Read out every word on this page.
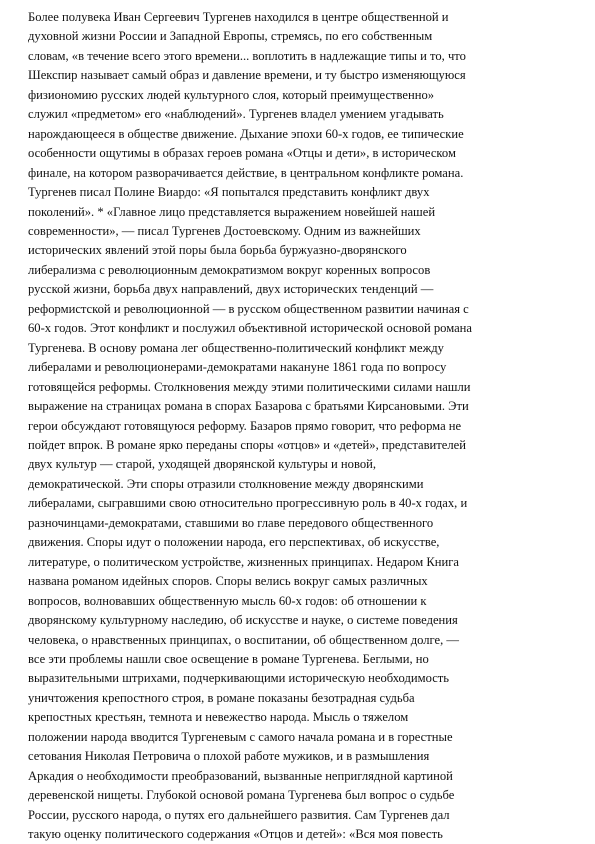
Более полувека Иван Сергеевич Тургенев находился в центре общественной и
духовной жизни России и Западной Европы, стремясь, по его собственным
словам, «в течение всего этого времени... воплотить в надлежащие типы и то, что
Шекспир называет самый образ и давление времени, и ту быстро изменяющуюся
физиономию русских людей культурного слоя, который преимущественно»
служил «предметом» его «наблюдений». Тургенев владел умением угадывать
нарождающееся в обществе движение. Дыхание эпохи 60-х годов, ее типические
особенности ощутимы в образах героев романа «Отцы и дети», в историческом
финале, на котором разворачивается действие, в центральном конфликте романа.
Тургенев писал Полине Виардо: «Я попытался представить конфликт двух
поколений». * «Главное лицо представляется выражением новейшей нашей
современности», — писал Тургенев Достоевскому. Одним из важнейших
исторических явлений этой поры была борьба буржуазно-дворянского
либерализма с революционным демократизмом вокруг коренных вопросов
русской жизни, борьба двух направлений, двух исторических тенденций —
реформистской и революционной — в русском общественном развитии начиная с
60-х годов. Этот конфликт и послужил объективной исторической основой романа
Тургенева. В основу романа лег общественно-политический конфликт между
либералами и революционерами-демократами накануне 1861 года по вопросу
готовящейся реформы. Столкновения между этими политическими силами нашли
выражение на страницах романа в спорах Базарова с братьями Кирсановыми. Эти
герои обсуждают готовящуюся реформу. Базаров прямо говорит, что реформа не
пойдет впрок. В романе ярко переданы споры «отцов» и «детей», представителей
двух культур — старой, уходящей дворянской культуры и новой,
демократической. Эти споры отразили столкновение между дворянскими
либералами, сыгравшими свою относительно прогрессивную роль в 40-х годах, и
разночинцами-демократами, ставшими во главе передового общественного
движения. Споры идут о положении народа, его перспективах, об искусстве,
литературе, о политическом устройстве, жизненных принципах. Недаром Книга
названа романом идейных споров. Споры велись вокруг самых различных
вопросов, волновавших общественную мысль 60-х годов: об отношении к
дворянскому культурному наследию, об искусстве и науке, о системе поведения
человека, о нравственных принципах, о воспитании, об общественном долге, —
все эти проблемы нашли свое освещение в романе Тургенева. Беглыми, но
выразительными штрихами, подчеркивающими историческую необходимость
уничтожения крепостного строя, в романе показаны безотрадная судьба
крепостных крестьян, темнота и невежество народа. Мысль о тяжелом
положении народа вводится Тургеневым с самого начала романа и в горестные
сетования Николая Петровича о плохой работе мужиков, и в размышления
Аркадия о необходимости преобразований, вызванные неприглядной картиной
деревенской нищеты. Глубокой основой романа Тургенева был вопрос о судьбе
России, русского народа, о путях его дальнейшего развития. Сам Тургенев дал
такую оценку политического содержания «Отцов и детей»: «Вся моя повесть
